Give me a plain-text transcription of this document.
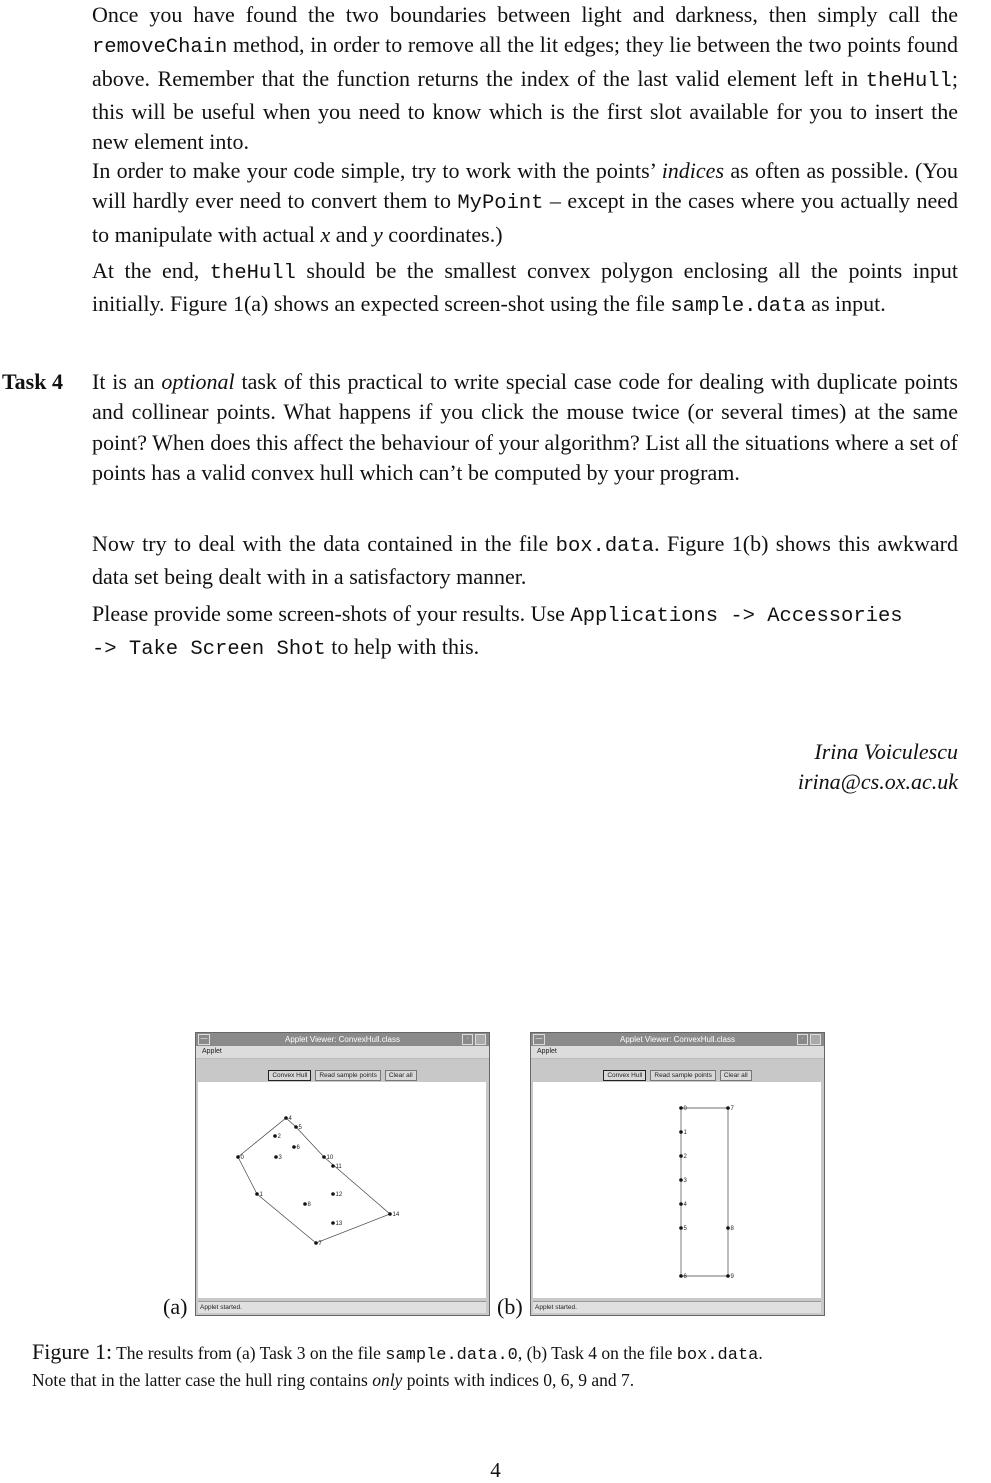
Once you have found the two boundaries between light and darkness, then simply call the removeChain method, in order to remove all the lit edges; they lie between the two points found above. Remember that the function returns the index of the last valid element left in theHull; this will be useful when you need to know which is the first slot available for you to insert the new element into.

In order to make your code simple, try to work with the points’ indices as often as possible. (You will hardly ever need to convert them to MyPoint – except in the cases where you actually need to manipulate with actual x and y coordinates.)

At the end, theHull should be the smallest convex polygon enclosing all the points input initially. Figure 1(a) shows an expected screen-shot using the file sample.data as input.

Task 4 It is an optional task of this practical to write special case code for dealing with duplicate points and collinear points. What happens if you click the mouse twice (or several times) at the same point? When does this affect the behaviour of your algorithm? List all the situations where a set of points has a valid convex hull which can’t be computed by your program.

Now try to deal with the data contained in the file box.data. Figure 1(b) shows this awkward data set being dealt with in a satisfactory manner.

Please provide some screen-shots of your results. Use Applications -> Accessories
-> Take Screen Shot to help with this.

Irina Voiculescu
irina@cs.ox.ac.uk
(a)	(b)
—	Applet Viewer: ConvexHull.class	·
Applet
Convex Hull Read sample points Clear all
0
1
2
3
4
5
6
7
8
10
11
12
13
14
Applet started.
—	Applet Viewer: ConvexHull.class	·
Applet
Convex Hull Read sample points Clear all
0
1
2
3
4
5
6
7
8
9
Applet started.
Figure 1: The results from (a) Task 3 on the file sample.data.0, (b) Task 4 on the file box.data.
Note that in the latter case the hull ring contains only points with indices 0, 6, 9 and 7.
4
